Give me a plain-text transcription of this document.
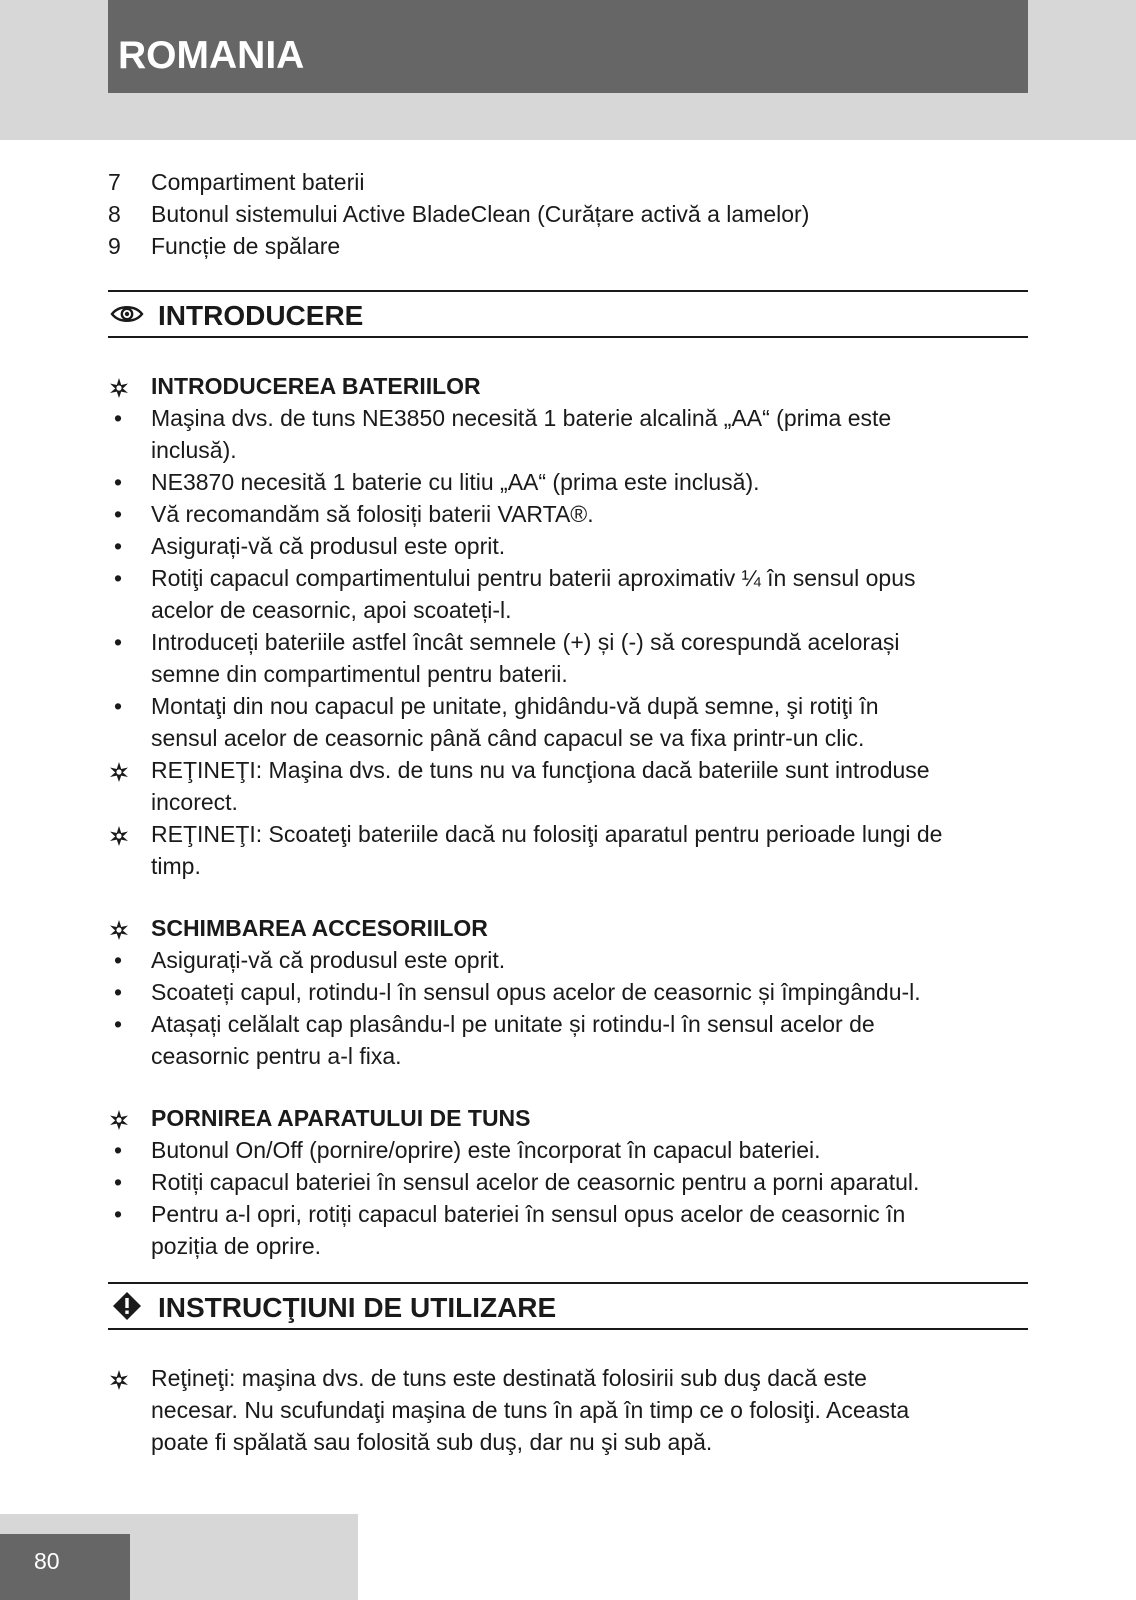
ROMANIA
7	Compartiment baterii
8	Butonul sistemului Active BladeClean (Curățare activă a lamelor)
9	Funcție de spălare
INTRODUCERE
INTRODUCEREA BATERIILOR
• Maşina dvs. de tuns NE3850 necesită 1 baterie alcalină „AA“ (prima este
inclusă).
• NE3870 necesită 1 baterie cu litiu „AA“ (prima este inclusă).
• Vă recomandăm să folosiți baterii VARTA®.
• Asigurați-vă că produsul este oprit.
• Rotiţi capacul compartimentului pentru baterii aproximativ ¼ în sensul opus
acelor de ceasornic, apoi scoateți-l.
• Introduceți bateriile astfel încât semnele (+) și (-) să corespundă acelorași
semne din compartimentul pentru baterii.
• Montaţi din nou capacul pe unitate, ghidându-vă după semne, şi rotiţi în
sensul acelor de ceasornic până când capacul se va fixa printr-un clic.
REŢINEŢI: Maşina dvs. de tuns nu va funcţiona dacă bateriile sunt introduse
incorect.
REŢINEŢI: Scoateţi bateriile dacă nu folosiţi aparatul pentru perioade lungi de
timp.
SCHIMBAREA ACCESORIILOR
• Asigurați-vă că produsul este oprit.
• Scoateți capul, rotindu-l în sensul opus acelor de ceasornic și împingându-l.
• Atașați celălalt cap plasându-l pe unitate și rotindu-l în sensul acelor de
ceasornic pentru a-l fixa.
PORNIREA APARATULUI DE TUNS
• Butonul On/Off (pornire/oprire) este încorporat în capacul bateriei.
• Rotiți capacul bateriei în sensul acelor de ceasornic pentru a porni aparatul.
• Pentru a-l opri, rotiți capacul bateriei în sensul opus acelor de ceasornic în
poziția de oprire.
INSTRUCŢIUNI DE UTILIZARE
Reţineţi: maşina dvs. de tuns este destinată folosirii sub duş dacă este
necesar. Nu scufundaţi maşina de tuns în apă în timp ce o folosiţi. Aceasta
poate fi spălată sau folosită sub duş, dar nu şi sub apă.
80
